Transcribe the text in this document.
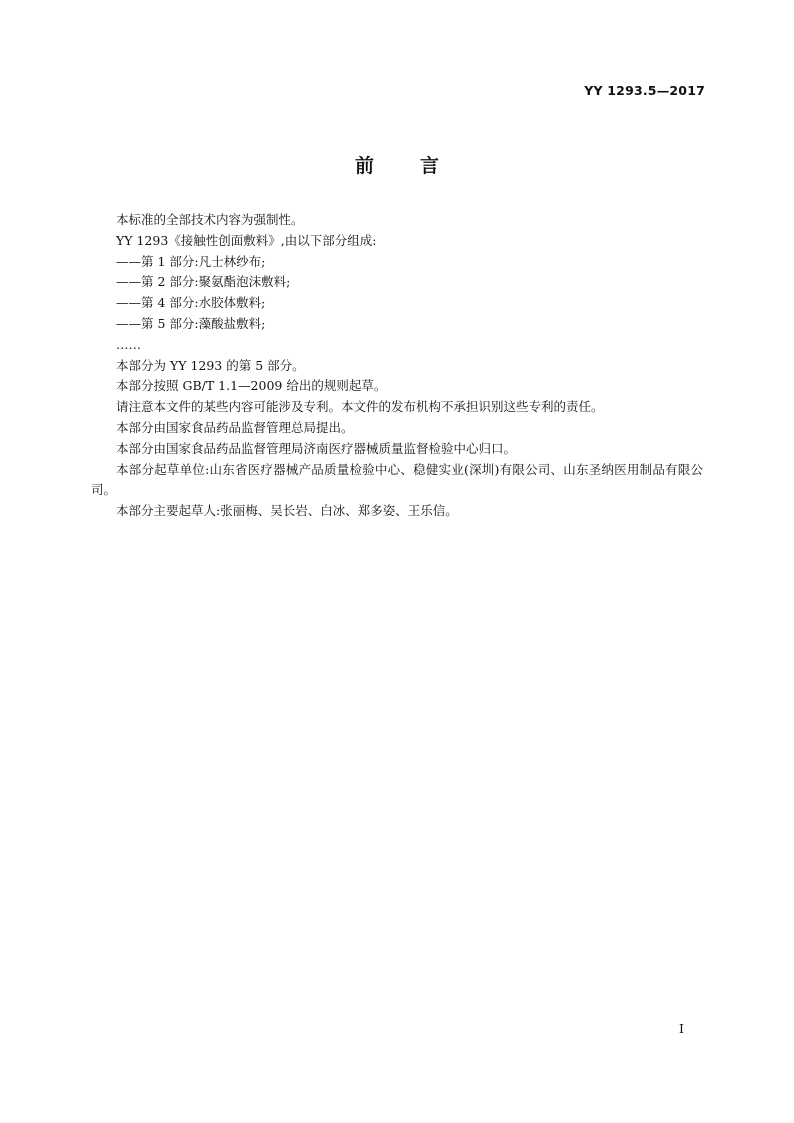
YY 1293.5—2017
前言

本标准的全部技术内容为强制性。

YY 1293《接触性创面敷料》,由以下部分组成:

——第 1 部分:凡士林纱布;

——第 2 部分:聚氨酯泡沫敷料;

——第 4 部分:水胶体敷料;

——第 5 部分:藻酸盐敷料;

……

本部分为 YY 1293 的第 5 部分。

本部分按照 GB/T 1.1—2009 给出的规则起草。

请注意本文件的某些内容可能涉及专利。本文件的发布机构不承担识别这些专利的责任。

本部分由国家食品药品监督管理总局提出。

本部分由国家食品药品监督管理局济南医疗器械质量监督检验中心归口。

本部分起草单位:山东省医疗器械产品质量检验中心、稳健实业(深圳)有限公司、山东圣纳医用制品有限公司。

本部分主要起草人:张丽梅、吴长岩、白冰、郑多姿、王乐信。

I
